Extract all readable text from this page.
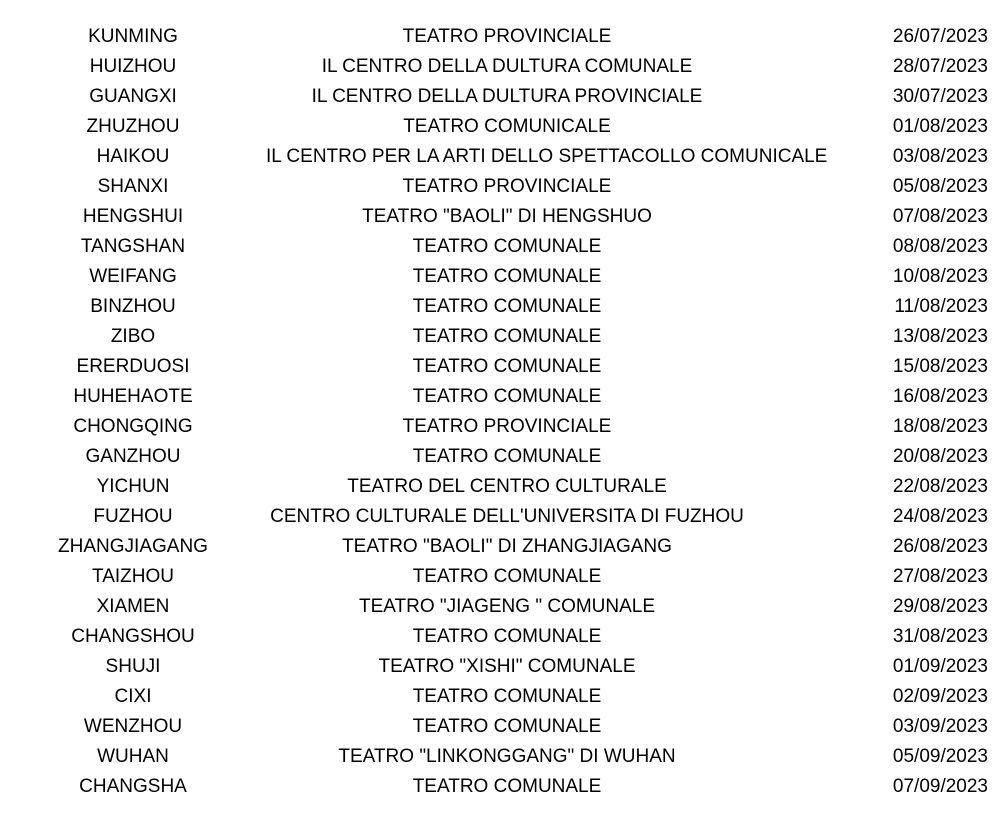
KUNMING	TEATRO PROVINCIALE	26/07/2023
HUIZHOU	IL CENTRO DELLA DULTURA COMUNALE	28/07/2023
GUANGXI	IL CENTRO DELLA DULTURA PROVINCIALE	30/07/2023
ZHUZHOU	TEATRO COMUNICALE	01/08/2023
HAIKOU	IL CENTRO PER LA ARTI DELLO SPETTACOLLO COMUNICALE	03/08/2023
SHANXI	TEATRO PROVINCIALE	05/08/2023
HENGSHUI	TEATRO "BAOLI" DI HENGSHUO	07/08/2023
TANGSHAN	TEATRO COMUNALE	08/08/2023
WEIFANG	TEATRO COMUNALE	10/08/2023
BINZHOU	TEATRO COMUNALE	11/08/2023
ZIBO	TEATRO COMUNALE	13/08/2023
ERERDUOSI	TEATRO COMUNALE	15/08/2023
HUHEHAOTE	TEATRO COMUNALE	16/08/2023
CHONGQING	TEATRO PROVINCIALE	18/08/2023
GANZHOU	TEATRO COMUNALE	20/08/2023
YICHUN	TEATRO DEL CENTRO CULTURALE	22/08/2023
FUZHOU	CENTRO CULTURALE DELL'UNIVERSITA DI FUZHOU	24/08/2023
ZHANGJIAGANG	TEATRO "BAOLI" DI ZHANGJIAGANG	26/08/2023
TAIZHOU	TEATRO COMUNALE	27/08/2023
XIAMEN	TEATRO "JIAGENG " COMUNALE	29/08/2023
CHANGSHOU	TEATRO COMUNALE	31/08/2023
SHUJI	TEATRO "XISHI" COMUNALE	01/09/2023
CIXI	TEATRO COMUNALE	02/09/2023
WENZHOU	TEATRO COMUNALE	03/09/2023
WUHAN	TEATRO "LINKONGGANG" DI WUHAN	05/09/2023
CHANGSHA	TEATRO COMUNALE	07/09/2023
